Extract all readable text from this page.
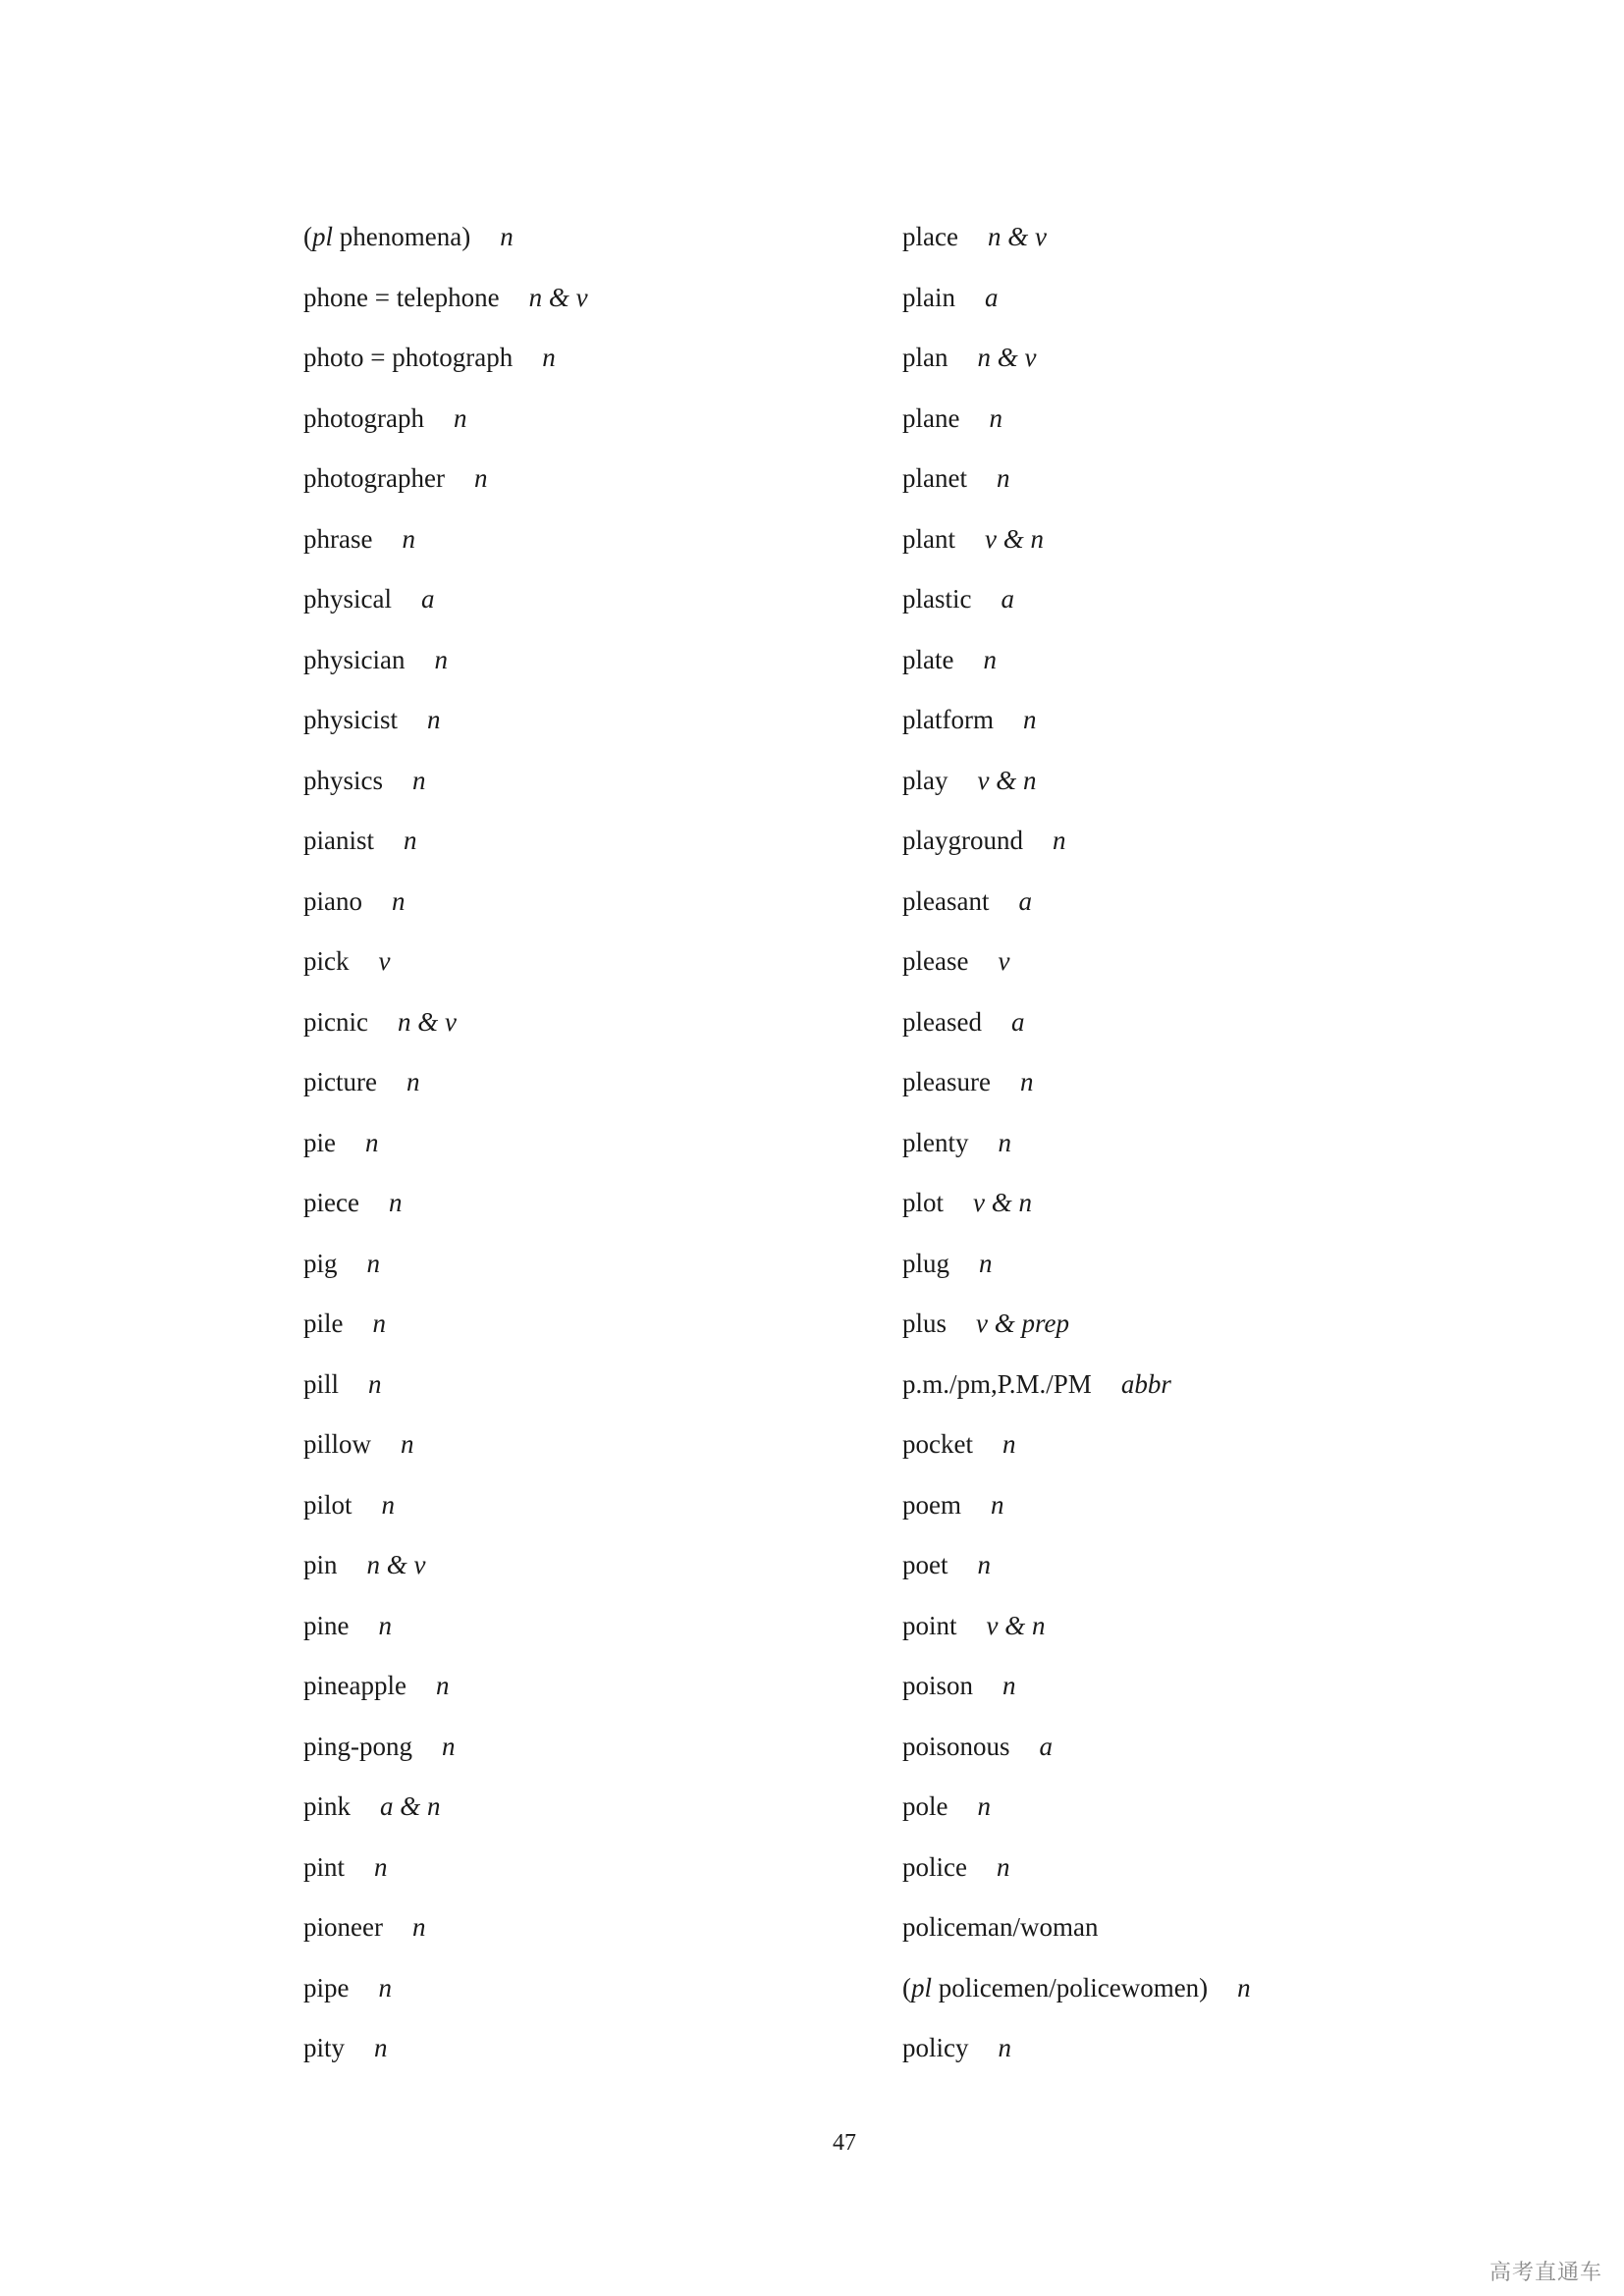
(pl phenomena) n
phone = telephone n & v
photo = photograph n
photograph n
photographer n
phrase n
physical a
physician n
physicist n
physics n
pianist n
piano n
pick v
picnic n & v
picture n
pie n
piece n
pig n
pile n
pill n
pillow n
pilot n
pin n & v
pine n
pineapple n
ping-pong n
pink a & n
pint n
pioneer n
pipe n
pity n
place n & v
plain a
plan n & v
plane n
planet n
plant v & n
plastic a
plate n
platform n
play v & n
playground n
pleasant a
please v
pleased a
pleasure n
plenty n
plot v & n
plug n
plus v & prep
p.m./pm,P.M./PM abbr
pocket n
poem n
poet n
point v & n
poison n
poisonous a
pole n
police n
policeman/woman
(pl policemen/policewomen) n
policy n
47
高考直通车
